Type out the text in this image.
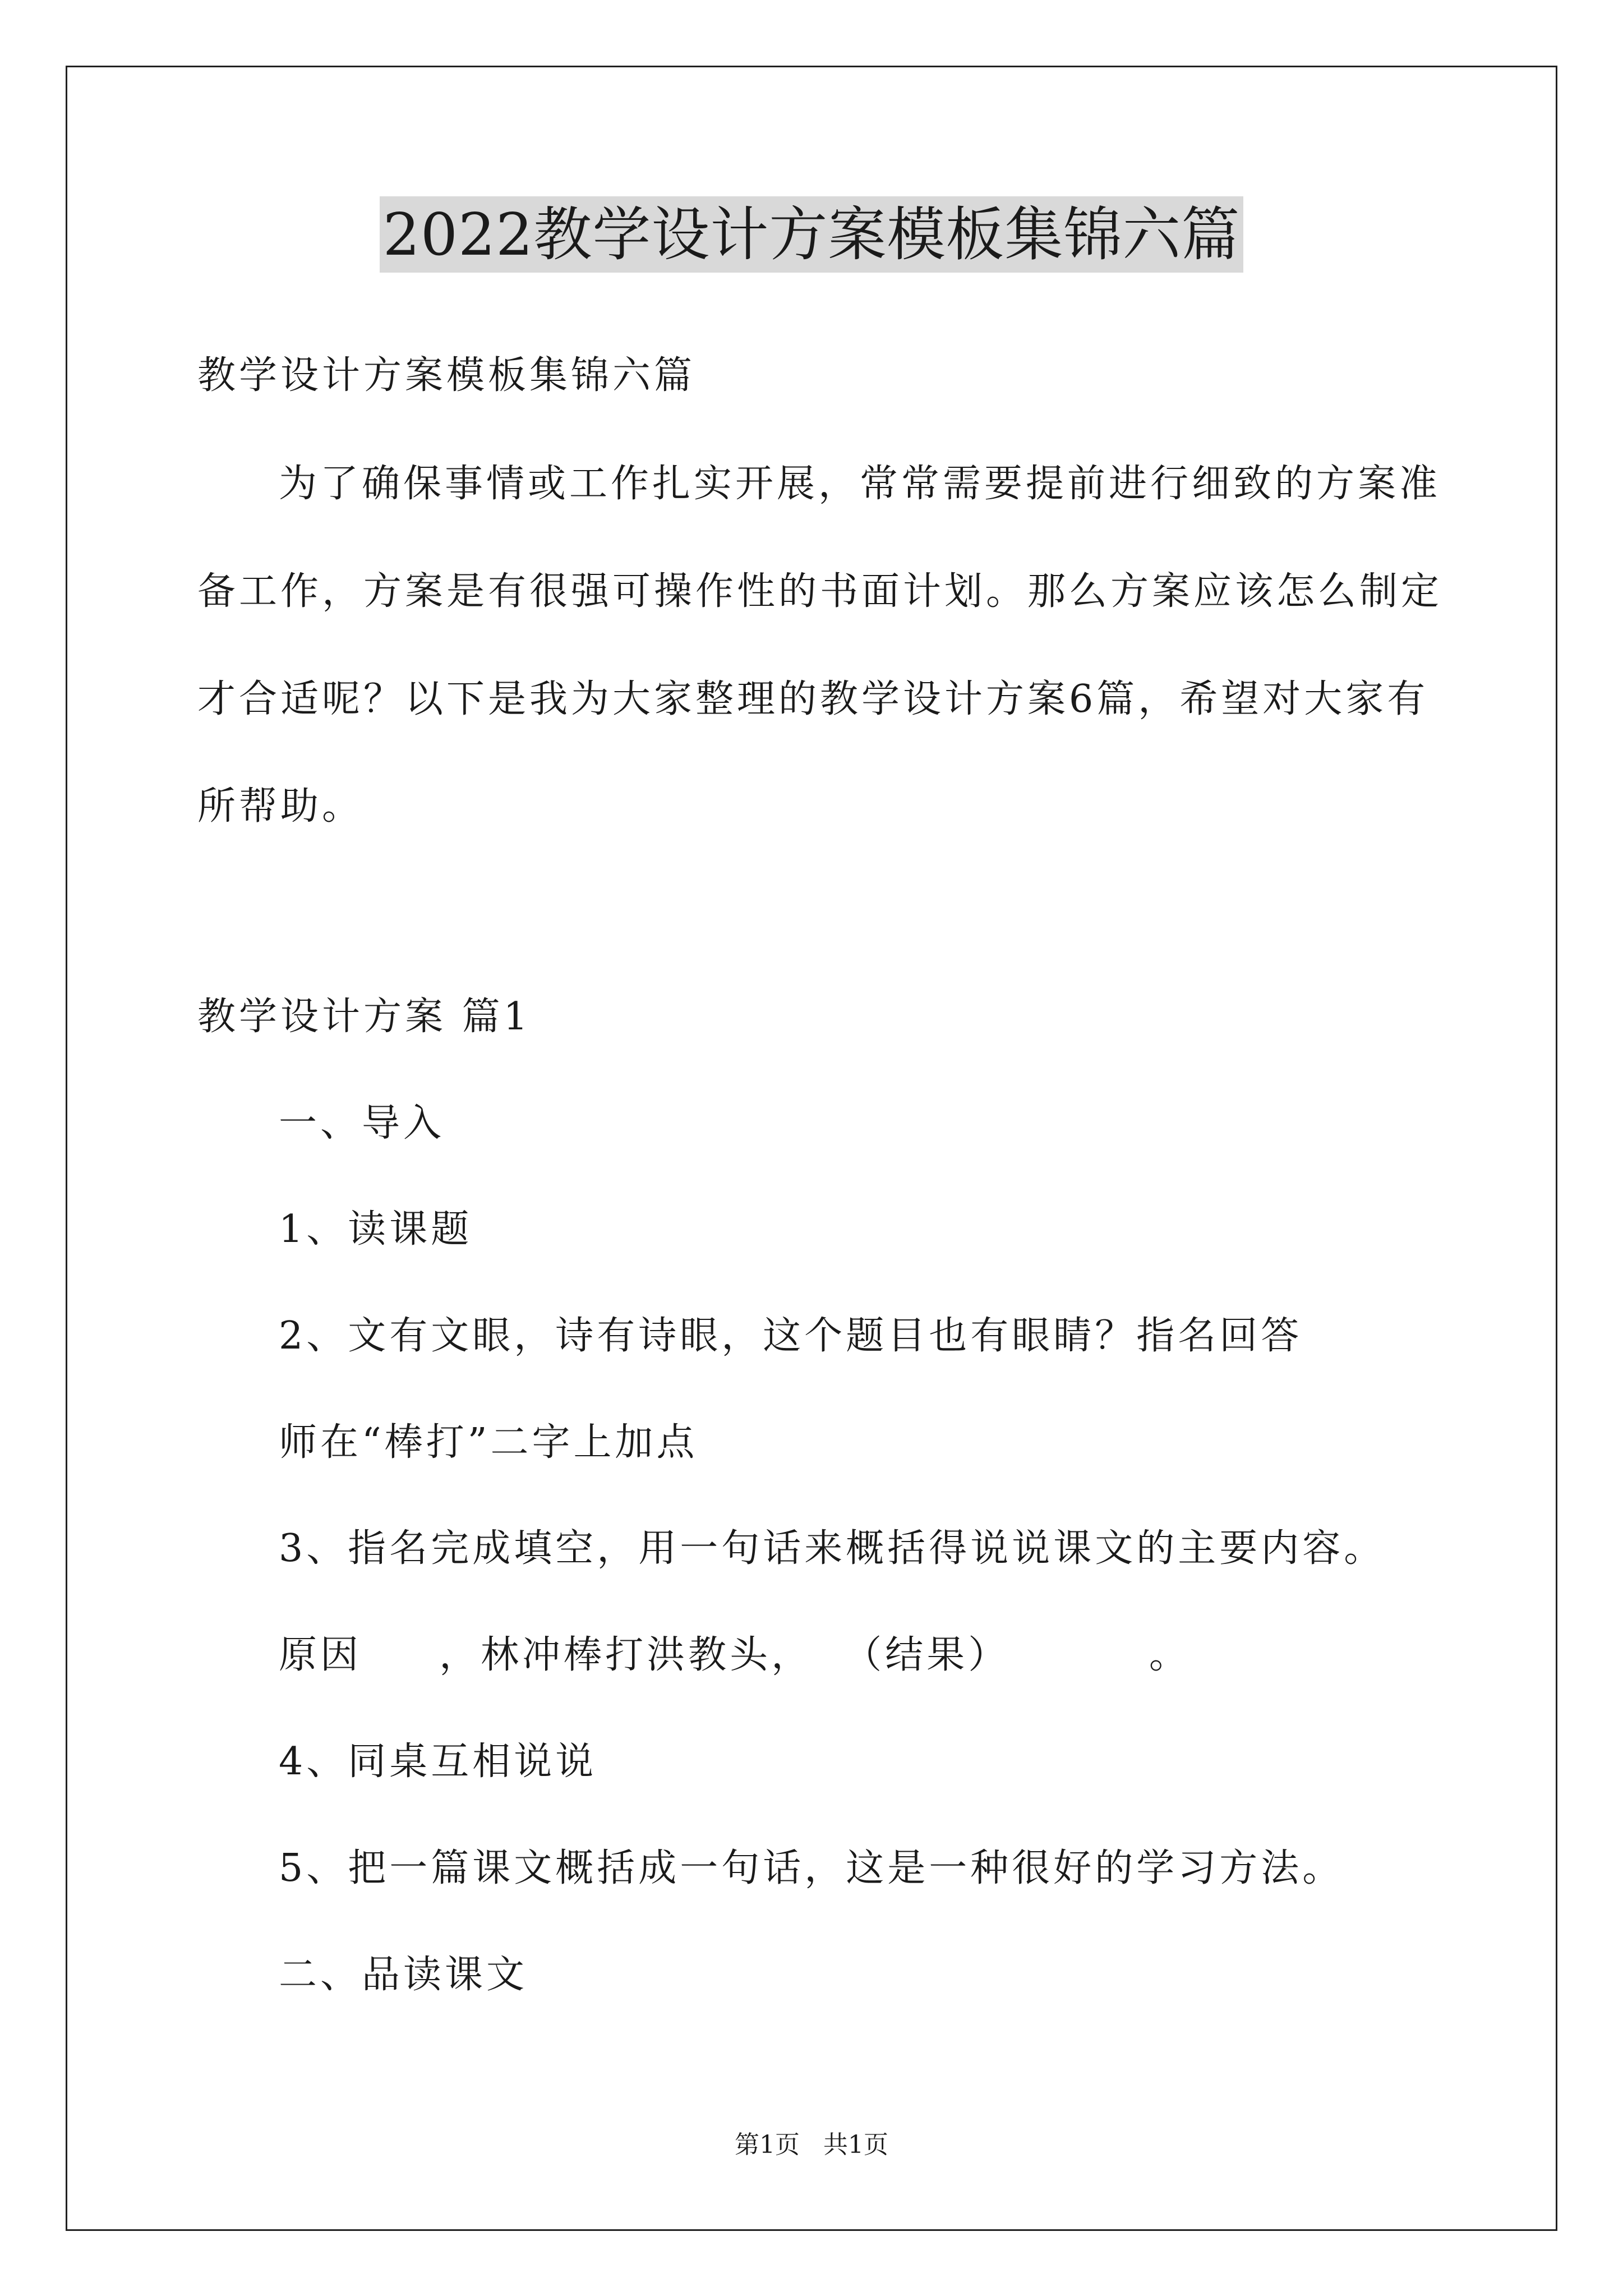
2022教学设计方案模板集锦六篇
教学设计方案模板集锦六篇
为了确保事情或工作扎实开展，常常需要提前进行细致的方案准
备工作，方案是有很强可操作性的书面计划。那么方案应该怎么制定
才合适呢？以下是我为大家整理的教学设计方案6篇，希望对大家有
所帮助。
教学设计方案 篇1
一、导入
1、读课题
2、文有文眼，诗有诗眼，这个题目也有眼睛？指名回答
师在“棒打”二字上加点
3、指名完成填空，用一句话来概括得说说课文的主要内容。
原因     ，林冲棒打洪教头，  （结果）         。
4、同桌互相说说
5、把一篇课文概括成一句话，这是一种很好的学习方法。
二、品读课文
第1页   共1页
